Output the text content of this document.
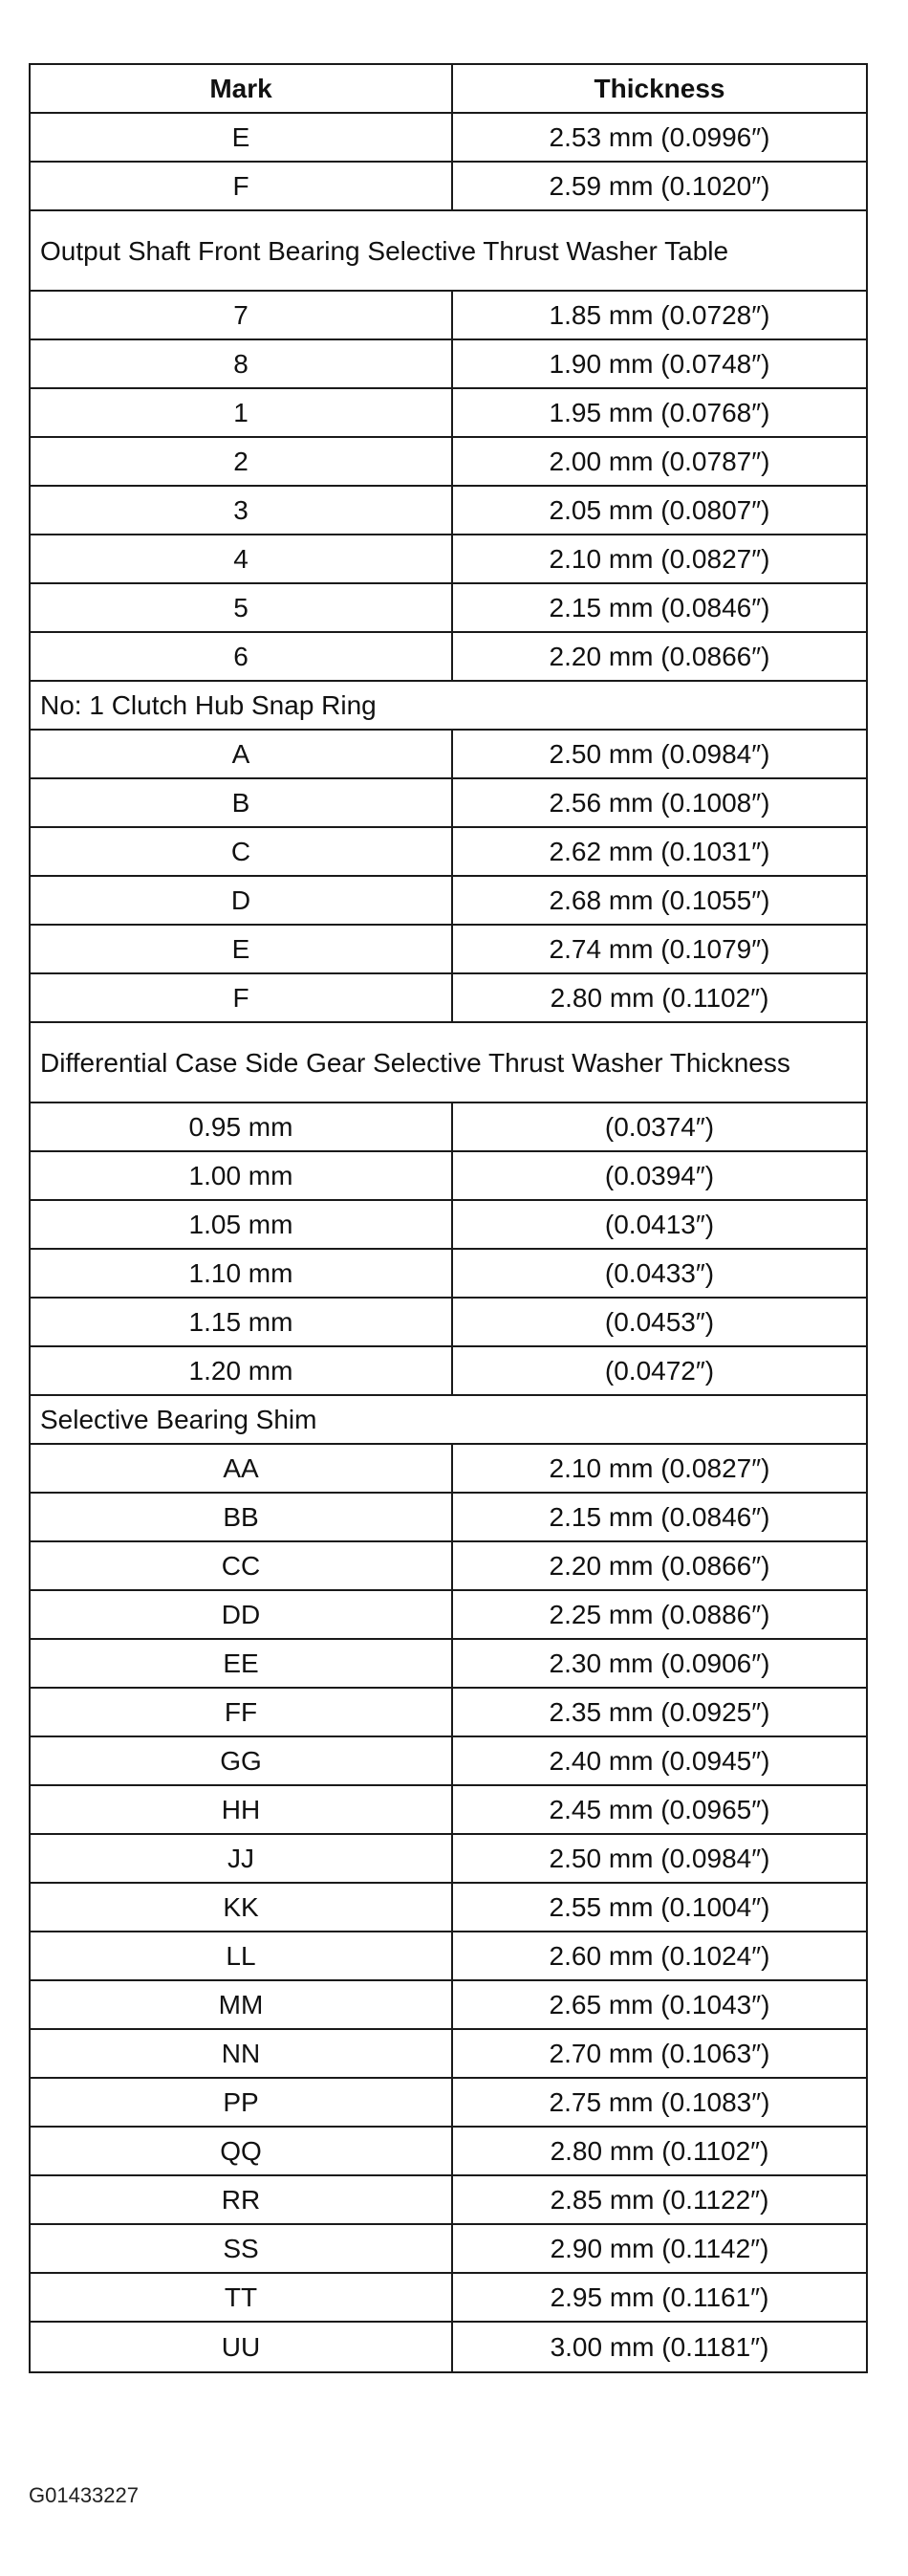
Mark	Thickness
E	2.53 mm (0.0996″)
F	2.59 mm (0.1020″)
Output Shaft Front Bearing Selective Thrust Washer Table
7	1.85 mm (0.0728″)
8	1.90 mm (0.0748″)
1	1.95 mm (0.0768″)
2	2.00 mm (0.0787″)
3	2.05 mm (0.0807″)
4	2.10 mm (0.0827″)
5	2.15 mm (0.0846″)
6	2.20 mm (0.0866″)
No: 1 Clutch Hub Snap Ring
A	2.50 mm (0.0984″)
B	2.56 mm (0.1008″)
C	2.62 mm (0.1031″)
D	2.68 mm (0.1055″)
E	2.74 mm (0.1079″)
F	2.80 mm (0.1102″)
Differential Case Side Gear Selective Thrust Washer Thickness
0.95 mm	(0.0374″)
1.00 mm	(0.0394″)
1.05 mm	(0.0413″)
1.10 mm	(0.0433″)
1.15 mm	(0.0453″)
1.20 mm	(0.0472″)
Selective Bearing Shim
AA	2.10 mm (0.0827″)
BB	2.15 mm (0.0846″)
CC	2.20 mm (0.0866″)
DD	2.25 mm (0.0886″)
EE	2.30 mm (0.0906″)
FF	2.35 mm (0.0925″)
GG	2.40 mm (0.0945″)
HH	2.45 mm (0.0965″)
JJ	2.50 mm (0.0984″)
KK	2.55 mm (0.1004″)
LL	2.60 mm (0.1024″)
MM	2.65 mm (0.1043″)
NN	2.70 mm (0.1063″)
PP	2.75 mm (0.1083″)
QQ	2.80 mm (0.1102″)
RR	2.85 mm (0.1122″)
SS	2.90 mm (0.1142″)
TT	2.95 mm (0.1161″)
UU	3.00 mm (0.1181″)
G01433227
